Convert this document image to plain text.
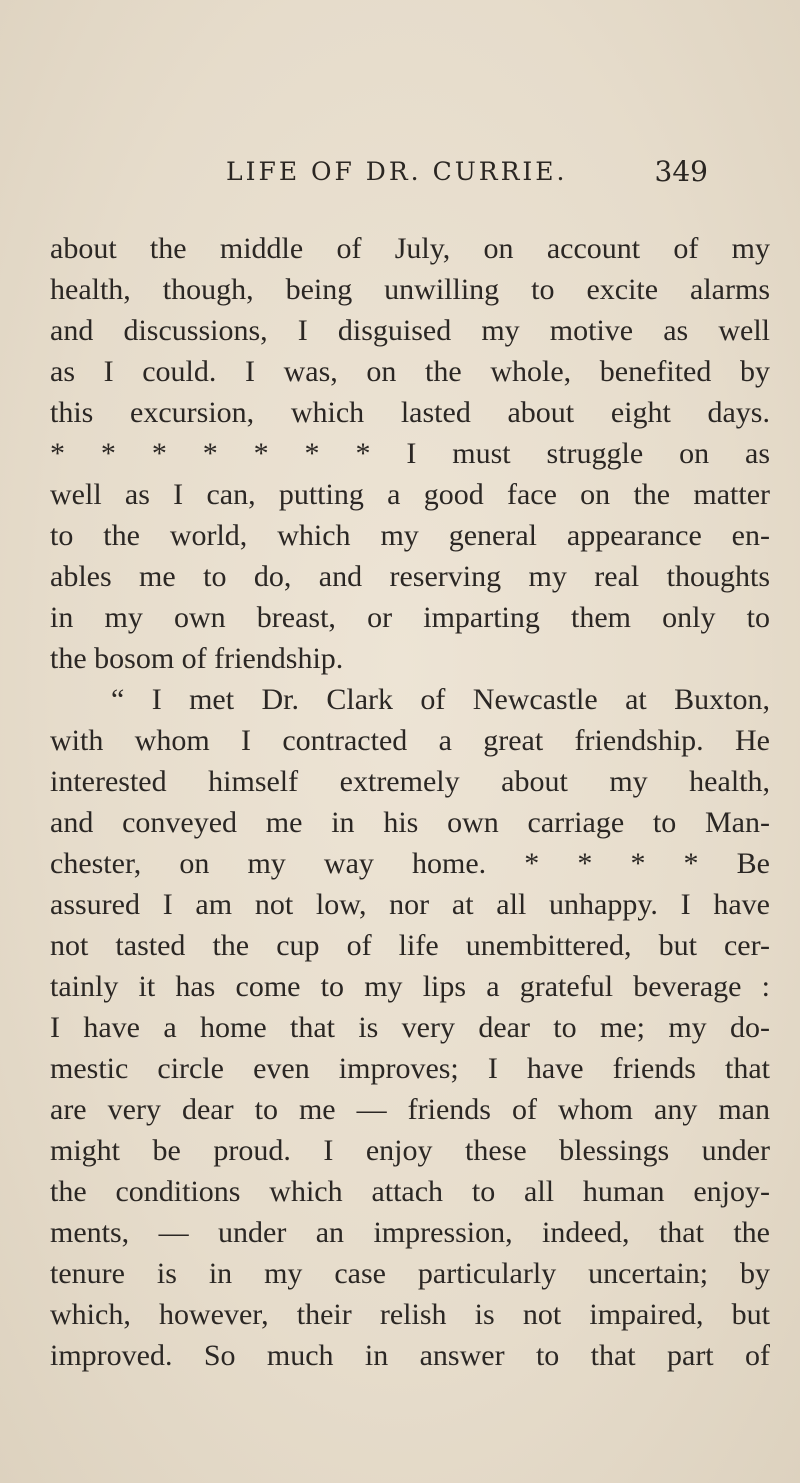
LIFE OF DR. CURRIE.	349
about the middle of July, on account of my
health, though, being unwilling to excite alarms
and discussions, I disguised my motive as well
as I could. I was, on the whole, benefited by
this excursion, which lasted about eight days.
* * * * * * * I must struggle on as
well as I can, putting a good face on the matter
to the world, which my general appearance en-
ables me to do, and reserving my real thoughts
in my own breast, or imparting them only to
the bosom of friendship.
“ I met Dr. Clark of Newcastle at Buxton,
with whom I contracted a great friendship. He
interested himself extremely about my health,
and conveyed me in his own carriage to Man-
chester, on my way home. * * * * Be
assured I am not low, nor at all unhappy. I have
not tasted the cup of life unembittered, but cer-
tainly it has come to my lips a grateful beverage :
I have a home that is very dear to me; my do-
mestic circle even improves; I have friends that
are very dear to me — friends of whom any man
might be proud. I enjoy these blessings under
the conditions which attach to all human enjoy-
ments, — under an impression, indeed, that the
tenure is in my case particularly uncertain; by
which, however, their relish is not impaired, but
improved. So much in answer to that part of
